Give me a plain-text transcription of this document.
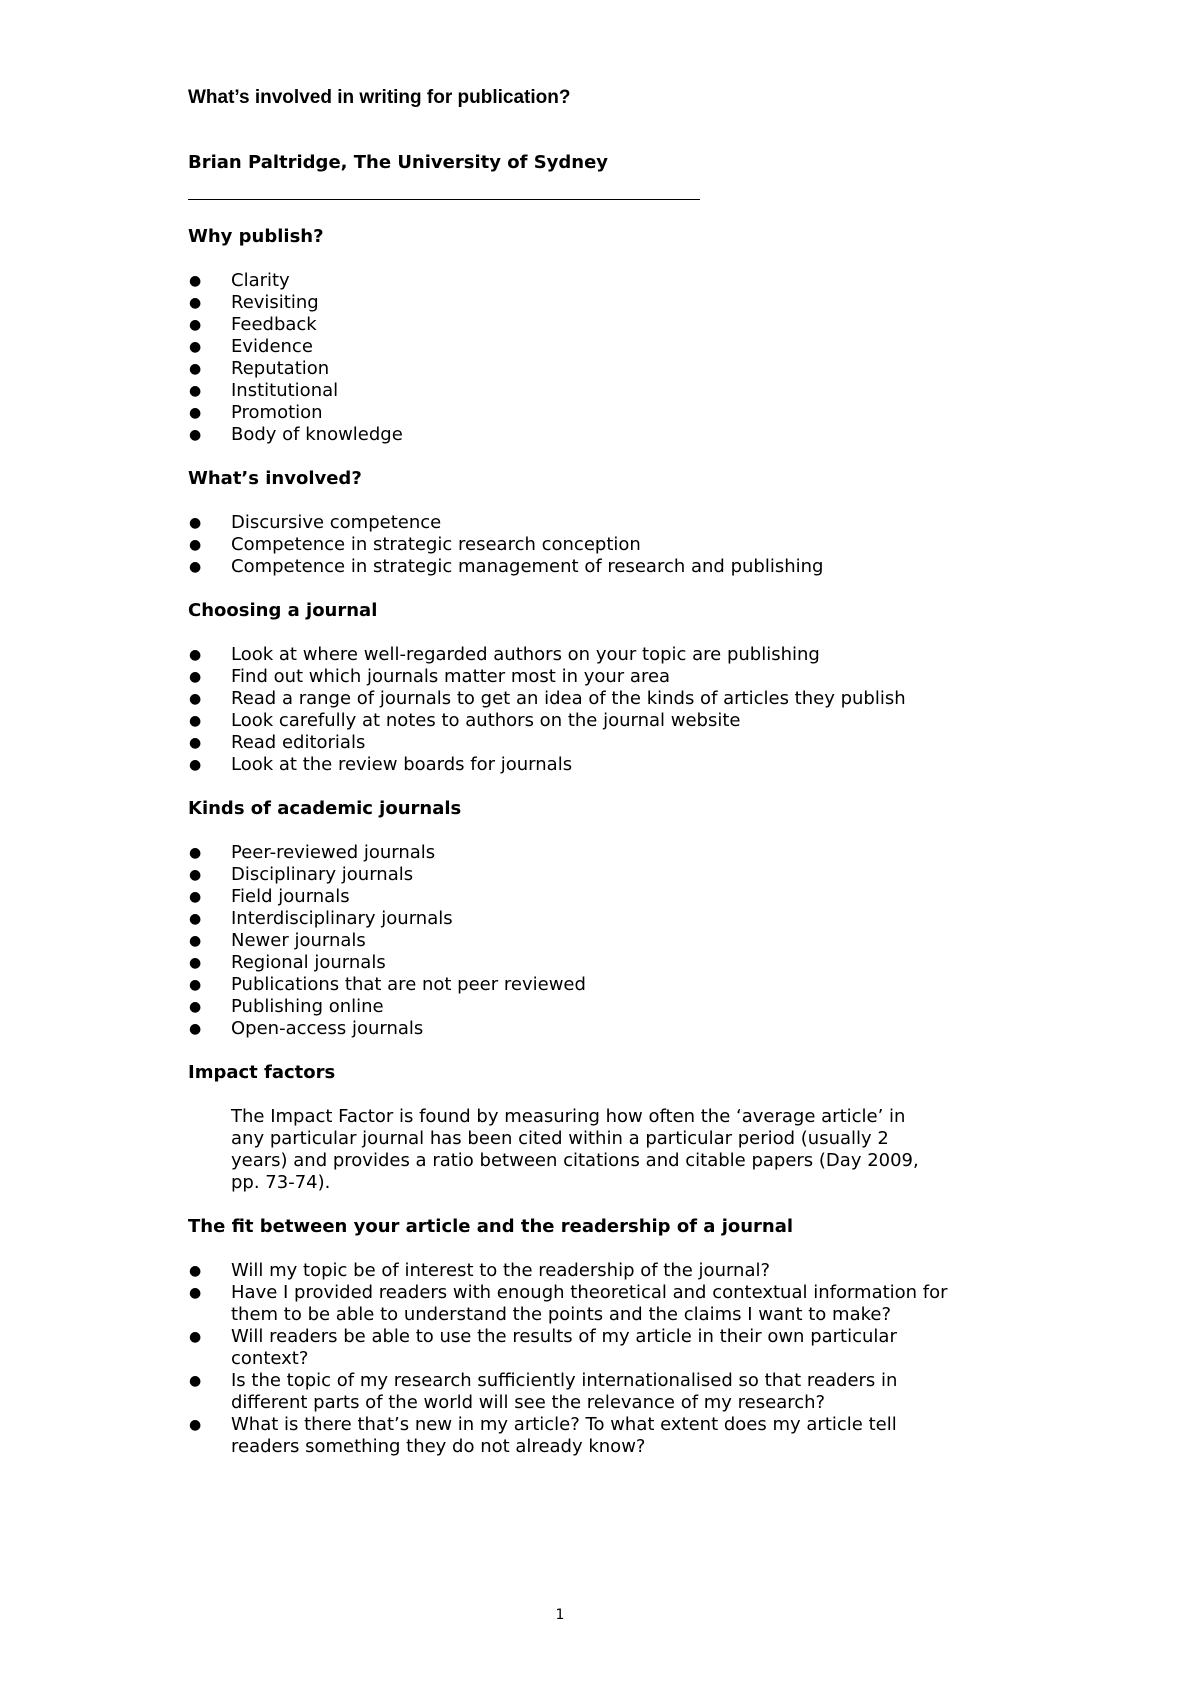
What’s involved in writing for publication?

Brian Paltridge, The University of Sydney

Why publish?
● Clarity
● Revisiting
● Feedback
● Evidence
● Reputation
● Institutional
● Promotion
● Body of knowledge
What’s involved?
● Discursive competence
● Competence in strategic research conception
● Competence in strategic management of research and publishing
Choosing a journal
● Look at where well-regarded authors on your topic are publishing
● Find out which journals matter most in your area
● Read a range of journals to get an idea of the kinds of articles they publish
● Look carefully at notes to authors on the journal website
● Read editorials
● Look at the review boards for journals
Kinds of academic journals
● Peer-reviewed journals
● Disciplinary journals
● Field journals
● Interdisciplinary journals
● Newer journals
● Regional journals
● Publications that are not peer reviewed
● Publishing online
● Open-access journals
Impact factors

The Impact Factor is found by measuring how often the ‘average article’ in any particular journal has been cited within a particular period (usually 2 years) and provides a ratio between citations and citable papers (Day 2009, pp. 73-74).

The fit between your article and the readership of a journal
● Will my topic be of interest to the readership of the journal?
● Have I provided readers with enough theoretical and contextual information for them to be able to understand the points and the claims I want to make?
● Will readers be able to use the results of my article in their own particular context?
● Is the topic of my research sufficiently internationalised so that readers in different parts of the world will see the relevance of my research?
● What is there that’s new in my article? To what extent does my article tell readers something they do not already know?
1
